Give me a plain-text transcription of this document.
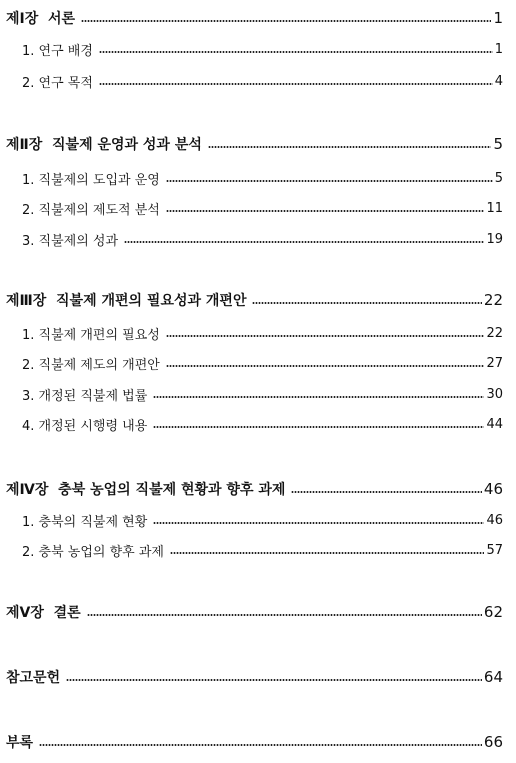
제Ⅰ장  서론	1
1. 연구 배경	1
2. 연구 목적	4
제Ⅱ장  직불제 운영과 성과 분석	5
1. 직불제의 도입과 운영	5
2. 직불제의 제도적 분석	11
3. 직불제의 성과	19
제Ⅲ장  직불제 개편의 필요성과 개편안	22
1. 직불제 개편의 필요성	22
2. 직불제 제도의 개편안	27
3. 개정된 직불제 법률	30
4. 개정된 시행령 내용	44
제Ⅳ장  충북 농업의 직불제 현황과 향후 과제	46
1. 충북의 직불제 현황	46
2. 충북 농업의 향후 과제	57
제Ⅴ장  결론	62
참고문헌	64
부록	66
